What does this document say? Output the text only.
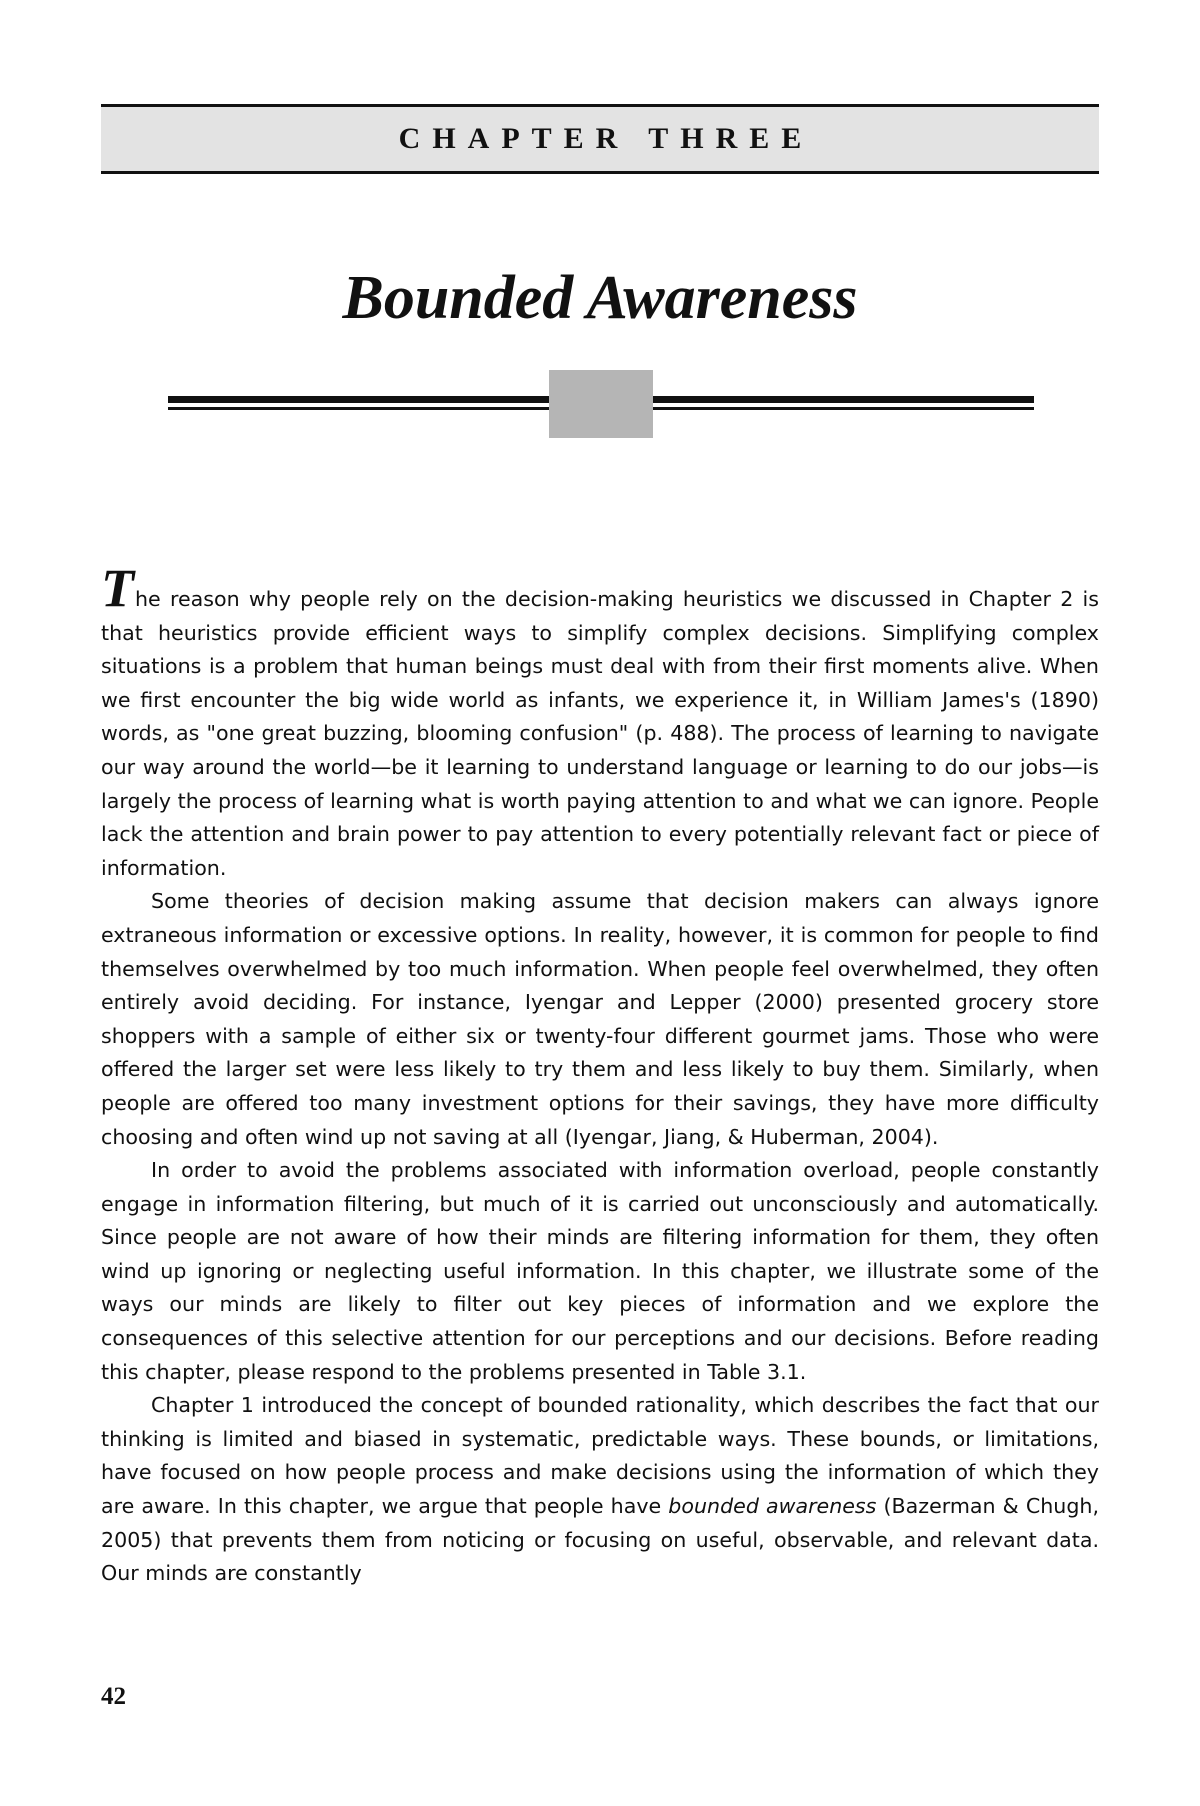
CHAPTER THREE
Bounded Awareness

The reason why people rely on the decision-making heuristics we discussed in Chapter 2 is that heuristics provide efficient ways to simplify complex decisions. Simplifying complex situations is a problem that human beings must deal with from their first moments alive. When we first encounter the big wide world as infants, we experience it, in William James's (1890) words, as "one great buzzing, blooming confusion" (p. 488). The process of learning to navigate our way around the world—be it learning to understand language or learning to do our jobs—is largely the process of learning what is worth paying attention to and what we can ignore. People lack the attention and brain power to pay attention to every potentially relevant fact or piece of information.

Some theories of decision making assume that decision makers can always ignore extraneous information or excessive options. In reality, however, it is common for people to find themselves overwhelmed by too much information. When people feel overwhelmed, they often entirely avoid deciding. For instance, Iyengar and Lepper (2000) presented grocery store shoppers with a sample of either six or twenty-four different gourmet jams. Those who were offered the larger set were less likely to try them and less likely to buy them. Similarly, when people are offered too many investment options for their savings, they have more difficulty choosing and often wind up not saving at all (Iyengar, Jiang, & Huberman, 2004).

In order to avoid the problems associated with information overload, people constantly engage in information filtering, but much of it is carried out unconsciously and automatically. Since people are not aware of how their minds are filtering information for them, they often wind up ignoring or neglecting useful information. In this chapter, we illustrate some of the ways our minds are likely to filter out key pieces of information and we explore the consequences of this selective attention for our perceptions and our decisions. Before reading this chapter, please respond to the problems presented in Table 3.1.

Chapter 1 introduced the concept of bounded rationality, which describes the fact that our thinking is limited and biased in systematic, predictable ways. These bounds, or limitations, have focused on how people process and make decisions using the information of which they are aware. In this chapter, we argue that people have bounded awareness (Bazerman & Chugh, 2005) that prevents them from noticing or focusing on useful, observable, and relevant data. Our minds are constantly

42
